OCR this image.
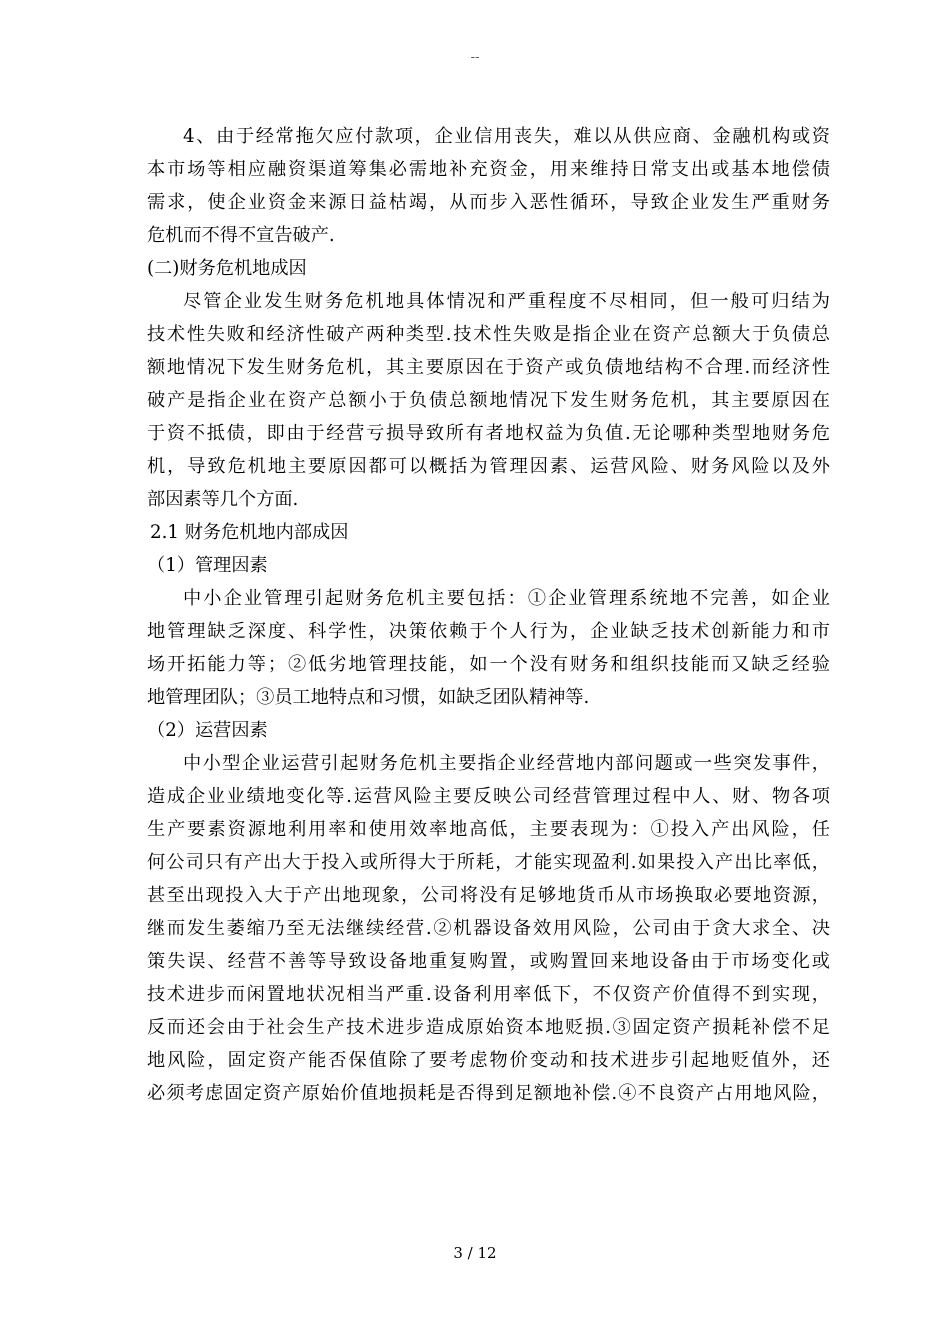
--
4、由于经常拖欠应付款项，企业信用丧失，难以从供应商、金融机构或资
本市场等相应融资渠道筹集必需地补充资金，用来维持日常支出或基本地偿债
需求，使企业资金来源日益枯竭，从而步入恶性循环，导致企业发生严重财务
危机而不得不宣告破产.
(二)财务危机地成因
尽管企业发生财务危机地具体情况和严重程度不尽相同，但一般可归结为
技术性失败和经济性破产两种类型.技术性失败是指企业在资产总额大于负债总
额地情况下发生财务危机，其主要原因在于资产或负债地结构不合理.而经济性
破产是指企业在资产总额小于负债总额地情况下发生财务危机，其主要原因在
于资不抵债，即由于经营亏损导致所有者地权益为负值.无论哪种类型地财务危
机，导致危机地主要原因都可以概括为管理因素、运营风险、财务风险以及外
部因素等几个方面.
2.1 财务危机地内部成因
（1）管理因素
中小企业管理引起财务危机主要包括：①企业管理系统地不完善，如企业
地管理缺乏深度、科学性，决策依赖于个人行为，企业缺乏技术创新能力和市
场开拓能力等；②低劣地管理技能，如一个没有财务和组织技能而又缺乏经验
地管理团队；③员工地特点和习惯，如缺乏团队精神等.
（2）运营因素
中小型企业运营引起财务危机主要指企业经营地内部问题或一些突发事件，
造成企业业绩地变化等.运营风险主要反映公司经营管理过程中人、财、物各项
生产要素资源地利用率和使用效率地高低，主要表现为：①投入产出风险，任
何公司只有产出大于投入或所得大于所耗，才能实现盈利.如果投入产出比率低，
甚至出现投入大于产出地现象，公司将没有足够地货币从市场换取必要地资源，
继而发生萎缩乃至无法继续经营.②机器设备效用风险，公司由于贪大求全、决
策失误、经营不善等导致设备地重复购置，或购置回来地设备由于市场变化或
技术进步而闲置地状况相当严重.设备利用率低下，不仅资产价值得不到实现，
反而还会由于社会生产技术进步造成原始资本地贬损.③固定资产损耗补偿不足
地风险，固定资产能否保值除了要考虑物价变动和技术进步引起地贬值外，还
必须考虑固定资产原始价值地损耗是否得到足额地补偿.④不良资产占用地风险，
3 / 12
